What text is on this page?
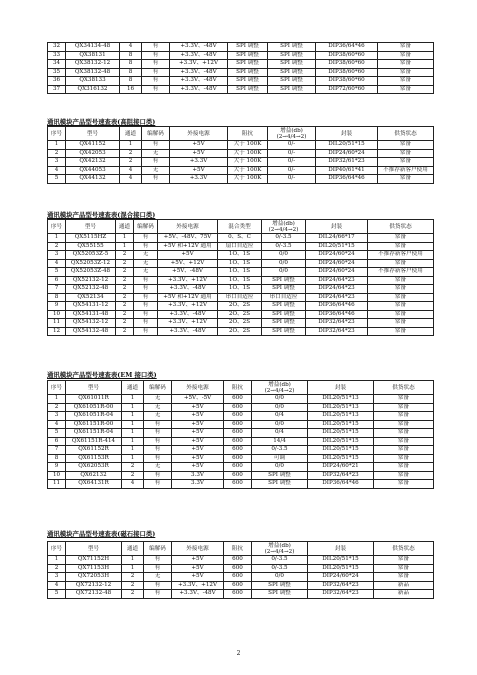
32	QX34134-48	4	有	+3.3V、-48V	SPI 调整	SPI 调整	DIP36/64*46	常备
33	QX38131	8	有	+3.3V、-48V	SPI 调整	SPI 调整	DIP38/60*60	常备
34	QX38132-12	8	有	+3.3V、+12V	SPI 调整	SPI 调整	DIP38/60*60	常备
35	QX38132-48	8	有	+3.3V、-48V	SPI 调整	SPI 调整	DIP38/60*60	常备
36	QX38133	8	有	+3.3V、-48V	SPI 调整	SPI 调整	DIP38/60*60	常备
37	QX316132	16	有	+3.3V、-48V	SPI 调整	SPI 调整	DIP72/60*60	常备
通讯模块产品型号速查表(高阻接口类)
序号	型号	通道	编解码	外接电源	阻抗	增益(db)
(2→4/4→2)	封装	供货状态
1	QX41152	1	有	+5V	大于 100K	0/-	DIL20/51*15	常备
2	QX42053	2	无	+5V	大于 100K	0/-	DIP24/60*24	常备
3	QX42132	2	有	+3.3V	大于 100K	0/-	DIP32/61*23	常备
4	QX44053	4	无	+5V	大于 100K	0/-	DIP40/61*41	不推荐新客户使用
5	QX44132	4	有	+3.3V	大于 100K	0/-	DIP36/64*46	常备
通讯模块产品型号速查表(混合接口类)
序号	型号	通道	编解码	外接电源	混合类型	增益(db)
(2→4/4→2)	封装	供货状态
1	QX5115HZ	1	有	+5V、-48V、75V	0、S、C	0/-3.5	DIL24/66*17	常备
2	QX55155	1	有	+5V 和+12V 通用	扇口自适应	0/-3.5	DIL20/51*15	常备
3	QX52053Z-5	2	无	+5V	1O、1S	0/0	DIP24/60*24	不推荐新客户使用
4	QX52053Z-12	2	无	+5V、+12V	1O、1S	0/0	DIP24/60*24	常备
5	QX52053Z-48	2	无	+5V、-48V	1O、1S	0/0	DIP24/60*24	不推荐新客户使用
6	QX52132-12	2	有	+3.3V、+12V	1O、1S	SPI 调整	DIP24/64*23	常备
7	QX52132-48	2	有	+3.3V、-48V	1O、1S	SPI 调整	DIP24/64*23	常备
8	QX52134	2	有	+5V 和+12V 通用	串口自适应	串口自适应	DIP24/64*23	常备
9	QX54131-12	2	有	+3.3V、+12V	2O、2S	SPI 调整	DIP36/64*46	常备
10	QX54131-48	2	有	+3.3V、-48V	2O、2S	SPI 调整	DIP36/64*46	常备
11	QX54132-12	2	有	+3.3V、+12V	2O、2S	SPI 调整	DIP32/64*23	常备
12	QX54132-48	2	有	+3.3V、-48V	2O、2S	SPI 调整	DIP32/64*23	常备
通讯模块产品型号速查表(EM 接口类)
序号	型号	通道	编解码	外接电源	阻抗	增益(db)
(2→4/4→2)	封装	供货状态
1	QX61011R	1	无	+5V、-5V	600	0/0	DIL20/51*13	常备
2	QX61051R-00	1	无	+5V	600	0/0	DIL20/51*13	常备
3	QX61051R-04	1	无	+5V	600	0/4	DIL20/51*13	常备
4	QX61151R-00	1	有	+5V	600	0/0	DIL20/51*15	常备
5	QX61151R-04	1	有	+5V	600	0/4	DIL20/51*15	常备
6	QX61151R-414	1	有	+5V	600	14/4	DIL20/51*15	常备
7	QX61152R	1	有	+5V	600	0/-3.5	DIL20/51*15	常备
8	QX61153R	1	有	+5V	600	可调	DIL20/51*15	常备
9	QX62053R	2	无	+5V	600	0/0	DIP24/60*21	常备
10	QX62132	2	有	3.3V	600	SPI 调整	DIP32/64*23	常备
11	QX64131R	4	有	3.3V	600	SPI 调整	DIP36/64*46	常备
通讯模块产品型号速查表(磁石接口类)
序号	型号	通道	编解码	外接电源	阻抗	增益(db)
(2→4/4→2)	封装	供货状态
1	QX71152H	1	有	+5V	600	0/-3.5	DIL20/51*15	常备
2	QX71153H	1	有	+5V	600	0/-3.5	DIL20/51*15	常备
3	QX72053H	2	无	+5V	600	0/0	DIP24/60*24	常备
4	QX72132-12	2	有	+3.3V、+12V	600	SPI 调整	DIP32/64*23	新品
5	QX72132-48	2	有	+3.3V、-48V	600	SPI 调整	DIP32/64*23	新品
2
